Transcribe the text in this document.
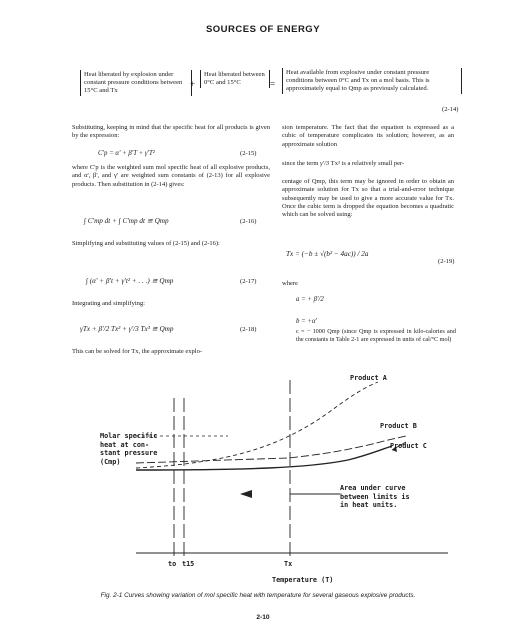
SOURCES OF ENERGY
Heat liberated by explosion under constant pressure conditions between 15°C and Tx
+
Heat liberated between 0°C and 15°C	=
Heat available from explosive under constant pressure conditions between 0°C and Tx on a mol basis. This is approximately equal to Qmp as previously calculated.
(2-14)
Substituting, keeping in mind that the specific heat for all products is given by the expression:
C'p = α' + β'T + γ'T²	(2-15)
where C'p is the weighted sum mol specific heat of all explosive products, and α', β', and γ' are weighted sum constants of (2-13) for all explosive products. Then substitution in (2-14) gives:
∫ C'mp dt + ∫ C'mp dt ≅ Qmp	(2-16)
Simplifying and substituting values of (2-15) and (2-16):
∫ (α' + β't + γ't² + . . .) ≅ Qmp	(2-17)
Integrating and simplifying:
γTx + β'/2 Tx² + γ'/3 Tx³ ≅ Qmp	(2-18)
This can be solved for Tx, the approximate explo-
sion temperature. The fact that the equation is expressed as a cubic of temperature complicates its solution; however, as an approximate solution
since the term γ'/3 Tx³ is a relatively small per-
centage of Qmp, this term may be ignored in order to obtain an approximate solution for Tx so that a trial-and-error technique subsequently may be used to give a more accurate value for Tx. Once the cubic term is dropped the equation becomes a quadratic which can be solved using:
Tx = (−b ± √(b² − 4ac)) / 2a
(2-19)
where
a = + β'/2
b = +α'
c = − 1000 Qmp (since Qmp is expressed in kilo-calories and the constants in Table 2-1 are expressed in units of cal/°C mol)
Molar specific
heat at con-
stant pressure
(Cmp)
Product A
Product B
Product C
Area under curve
between limits is
in heat units.
to t15	Tx
Temperature (T)
Fig. 2-1 Curves showing variation of mol specific heat with temperature for several gaseous explosive products.
2-10
